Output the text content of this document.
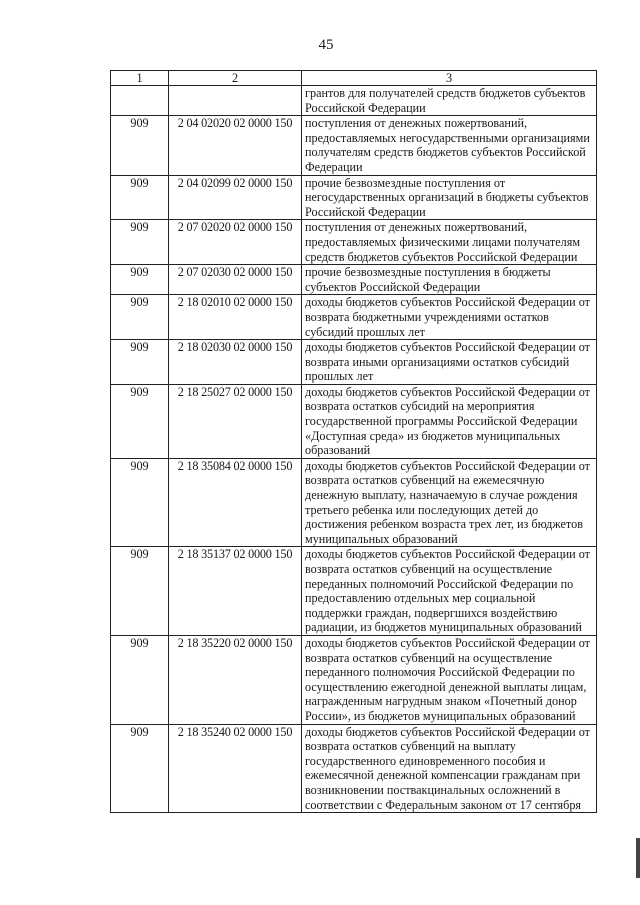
45
1	2	3
		грантов для получателей средств бюджетов субъектов Российской Федерации
909	2 04 02020 02 0000 150	поступления от денежных пожертвований, предоставляемых негосударственными организациями получателям средств бюджетов субъектов Российской Федерации
909	2 04 02099 02 0000 150	прочие безвозмездные поступления от негосударственных организаций в бюджеты субъектов Российской Федерации
909	2 07 02020 02 0000 150	поступления от денежных пожертвований, предоставляемых физическими лицами получателям средств бюджетов субъектов Российской Федерации
909	2 07 02030 02 0000 150	прочие безвозмездные поступления в бюджеты субъектов Российской Федерации
909	2 18 02010 02 0000 150	доходы бюджетов субъектов Российской Федерации от возврата бюджетными учреждениями остатков субсидий прошлых лет
909	2 18 02030 02 0000 150	доходы бюджетов субъектов Российской Федерации от возврата иными организациями остатков субсидий прошлых лет
909	2 18 25027 02 0000 150	доходы бюджетов субъектов Российской Федерации от возврата остатков субсидий на мероприятия государственной программы Российской Федерации «Доступная среда» из бюджетов муниципальных образований
909	2 18 35084 02 0000 150	доходы бюджетов субъектов Российской Федерации от возврата остатков субвенций на ежемесячную денежную выплату, назначаемую в случае рождения третьего ребенка или последующих детей до достижения ребенком возраста трех лет, из бюджетов муниципальных образований
909	2 18 35137 02 0000 150	доходы бюджетов субъектов Российской Федерации от возврата остатков субвенций на осуществление переданных полномочий Российской Федерации по предоставлению отдельных мер социальной поддержки граждан, подвергшихся воздействию радиации, из бюджетов муниципальных образований
909	2 18 35220 02 0000 150	доходы бюджетов субъектов Российской Федерации от возврата остатков субвенций на осуществление переданного полномочия Российской Федерации по осуществлению ежегодной денежной выплаты лицам, награжденным нагрудным знаком «Почетный донор России», из бюджетов муниципальных образований
909	2 18 35240 02 0000 150	доходы бюджетов субъектов Российской Федерации от возврата остатков субвенций на выплату государственного единовременного пособия и ежемесячной денежной компенсации гражданам при возникновении поствакцинальных осложнений в соответствии с Федеральным законом от 17 сентября
